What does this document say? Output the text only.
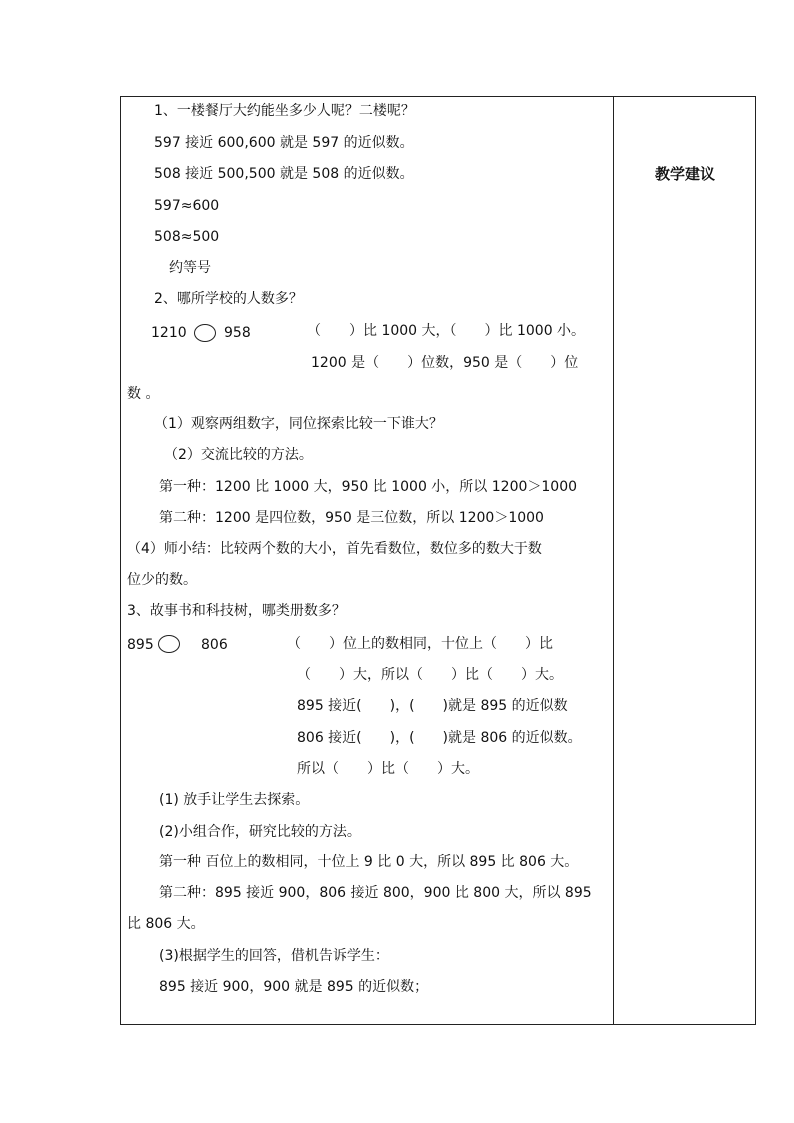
教学建议
1、一楼餐厅大约能坐多少人呢？二楼呢？
597 接近 600,600 就是 597 的近似数。
508 接近 500,500 就是 508 的近似数。
597≈600
508≈500
约等号
2、哪所学校的人数多？
1210	958	（　　）比 1000 大，（　　）比 1000 小。
1200 是（　　）位数，950 是（　　）位
数 。
（1）观察两组数字，同位探索比较一下谁大？
（2）交流比较的方法。
第一种：1200 比 1000 大，950 比 1000 小，所以 1200＞1000
第二种：1200 是四位数，950 是三位数，所以 1200＞1000
（4）师小结：比较两个数的大小，首先看数位，数位多的数大于数
位少的数。
3、故事书和科技树，哪类册数多？
895	806	（　　）位上的数相同，十位上（　　）比
（　　）大，所以（　　）比（　　）大。
895 接近(　　)，(　　)就是 895 的近似数
806 接近(　　)，(　　)就是 806 的近似数。
所以（　　）比（　　）大。
(1) 放手让学生去探索。
(2)小组合作，研究比较的方法。
第一种 百位上的数相同，十位上 9 比 0 大，所以 895 比 806 大。
第二种：895 接近 900，806 接近 800，900 比 800 大，所以 895
比 806 大。
(3)根据学生的回答，借机告诉学生：
895 接近 900，900 就是 895 的近似数；
